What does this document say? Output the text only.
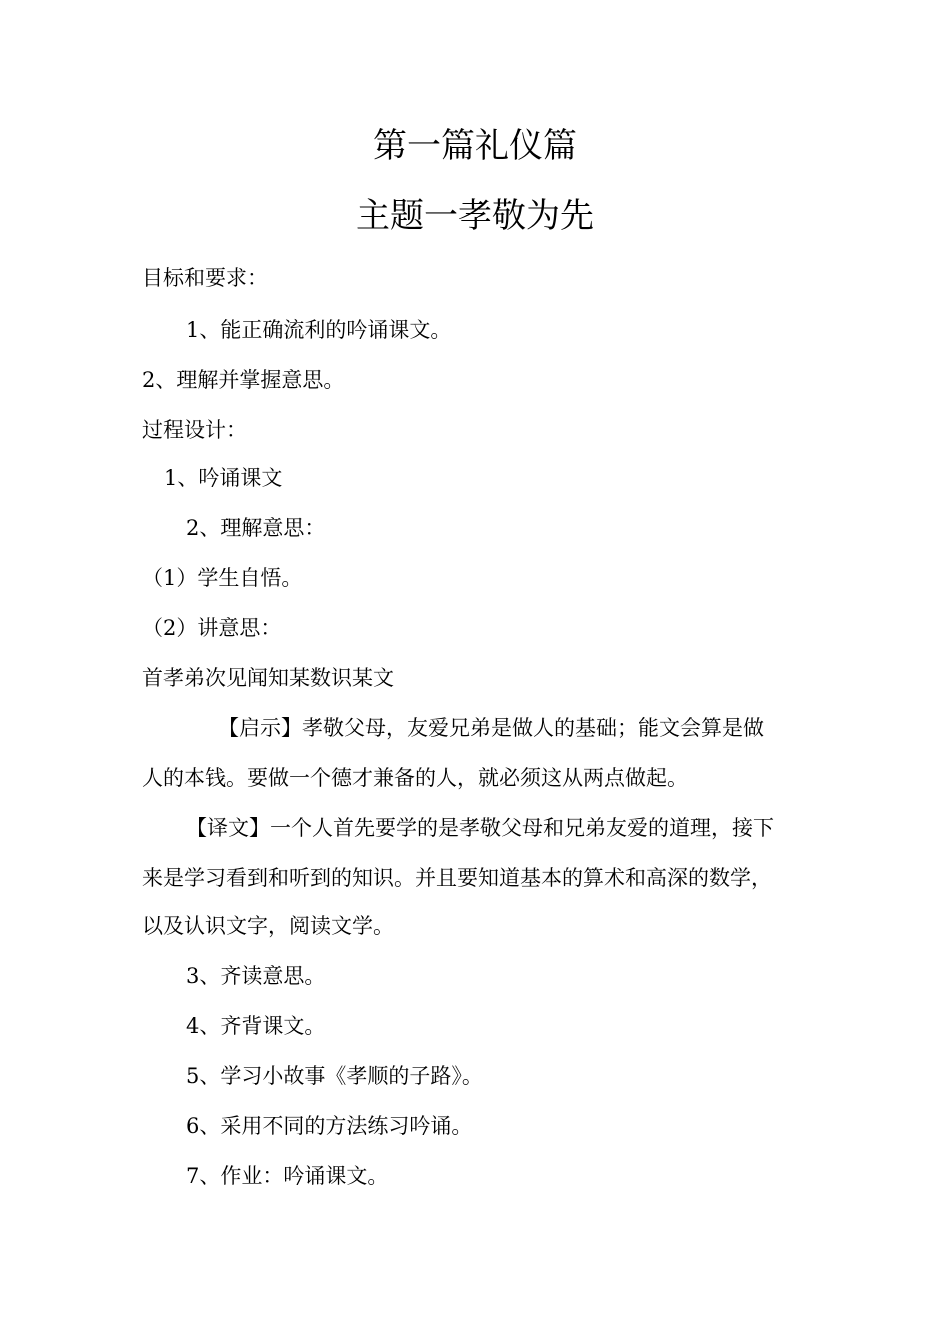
第一篇礼仪篇
主题一孝敬为先
目标和要求：
1、能正确流利的吟诵课文。
2、理解并掌握意思。
过程设计：
1、吟诵课文
2、理解意思：
（1）学生自悟。
（2）讲意思：
首孝弟次见闻知某数识某文
【启示】孝敬父母，友爱兄弟是做人的基础；能文会算是做
人的本钱。要做一个德才兼备的人，就必须这从两点做起。
【译文】一个人首先要学的是孝敬父母和兄弟友爱的道理，接下
来是学习看到和听到的知识。并且要知道基本的算术和高深的数学，
以及认识文字，阅读文学。
3、齐读意思。
4、齐背课文。
5、学习小故事《孝顺的子路》。
6、采用不同的方法练习吟诵。
7、作业：吟诵课文。
